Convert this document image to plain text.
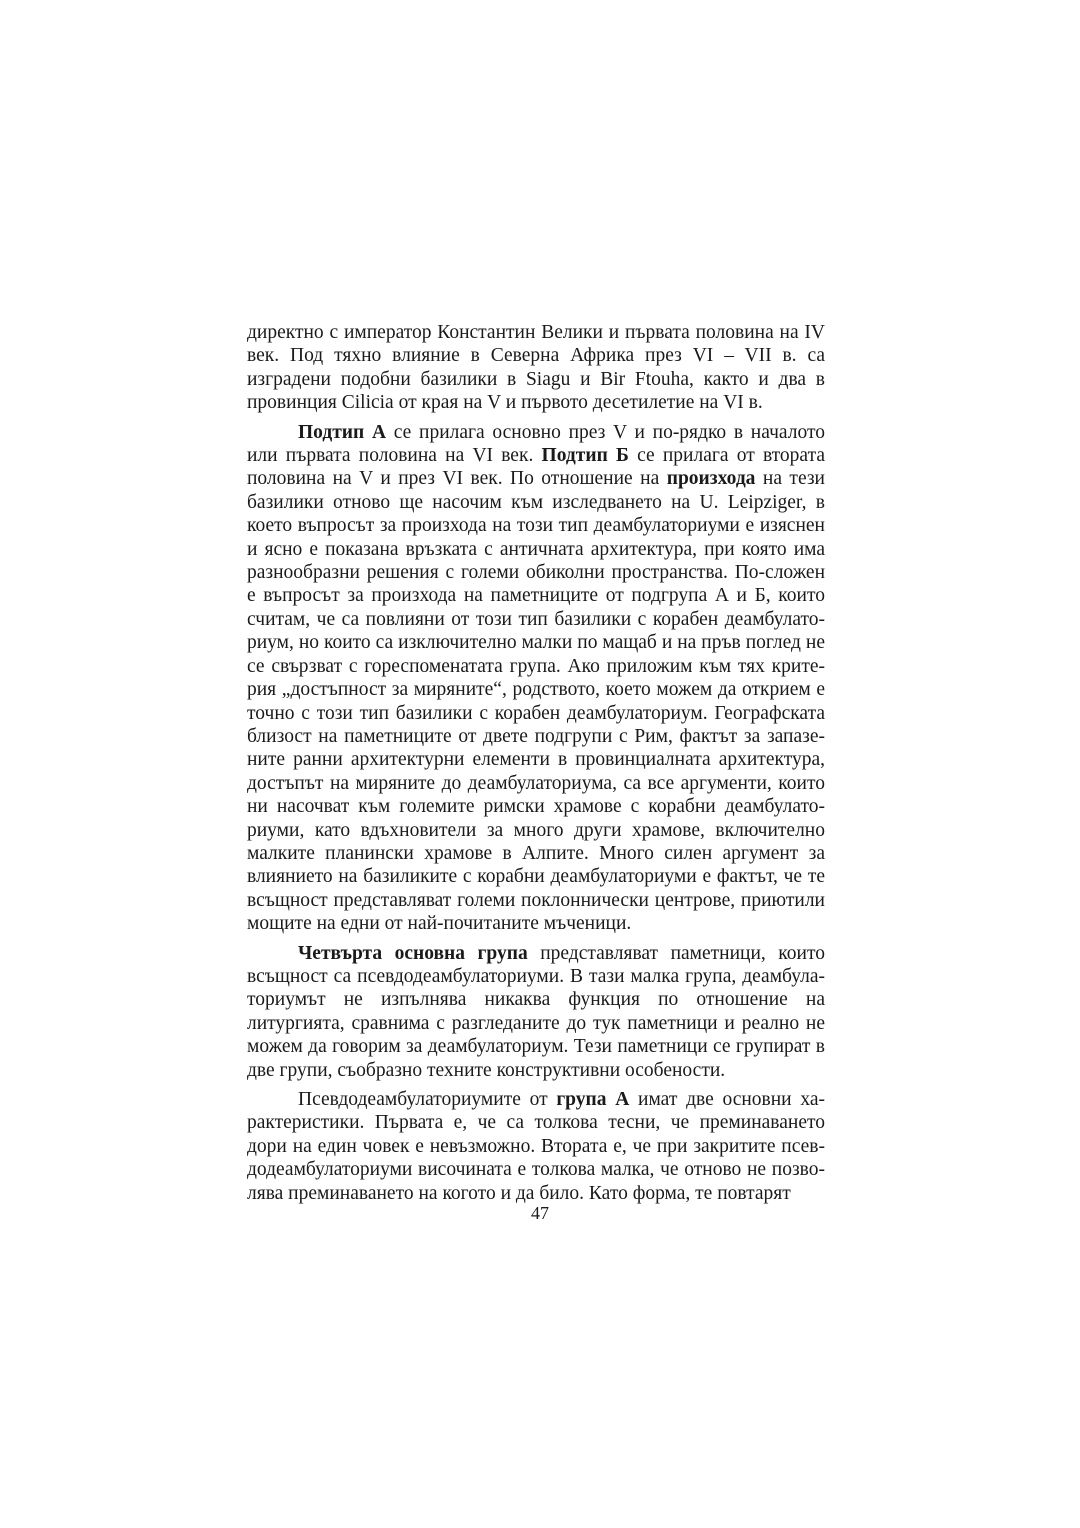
директно с император Константин Велики и първата половина на IV век. Под тяхно влияние в Северна Африка през VI – VII в. са изградени подобни базилики в Siagu и Bir Ftouha, както и два в провинция Cilicia от края на V и първото десетилетие на VI в.

Подтип А се прилага основно през V и по-рядко в началото или първата половина на VI век. Подтип Б се прилага от втората половина на V и през VI век. По отношение на произхода на тези базилики отново ще насочим към изследването на U. Leipziger, в което въпросът за произхода на този тип деамбулаториуми е изяснен и ясно е показана връзката с античната архитектура, при която има разнообразни решения с големи обиколни пространства. По-сложен е въпросът за произхода на паметниците от подгрупа А и Б, които считам, че са повлияни от този тип базилики с корабен деамбулаториум, но които са изключително малки по мащаб и на пръв поглед не се свързват с гореспоменатата група. Ако приложим към тях критерия „достъпност за миряните“, родството, което можем да открием е точно с този тип базилики с корабен деамбулаториум. Географската близост на паметниците от двете подгрупи с Рим, фактът за запазените ранни архитектурни елементи в провинциалната архитектура, достъпът на миряните до деамбулаториума, са все аргументи, които ни насочват към големите римски храмове с корабни деамбулаториуми, като вдъхновители за много други храмове, включително малките планински храмове в Алпите. Много силен аргумент за влиянието на базиликите с корабни деамбулаториуми е фактът, че те всъщност представляват големи поклоннически центрове, приютили мощите на едни от най-почитаните мъченици.

Четвърта основна група представляват паметници, които всъщност са псевдодеамбулаториуми. В тази малка група, деамбулаториумът не изпълнява никаква функция по отношение на литургията, сравнима с разгледаните до тук паметници и реално не можем да говорим за деамбулаториум. Тези паметници се групират в две групи, съобразно техните конструктивни особености.

Псевдодеамбулаториумите от група А имат две основни характеристики. Първата е, че са толкова тесни, че преминаването дори на един човек е невъзможно. Втората е, че при закритите псевдодеамбулаториуми височината е толкова малка, че отново не позволява преминаването на когото и да било. Като форма, те повтарят

47
